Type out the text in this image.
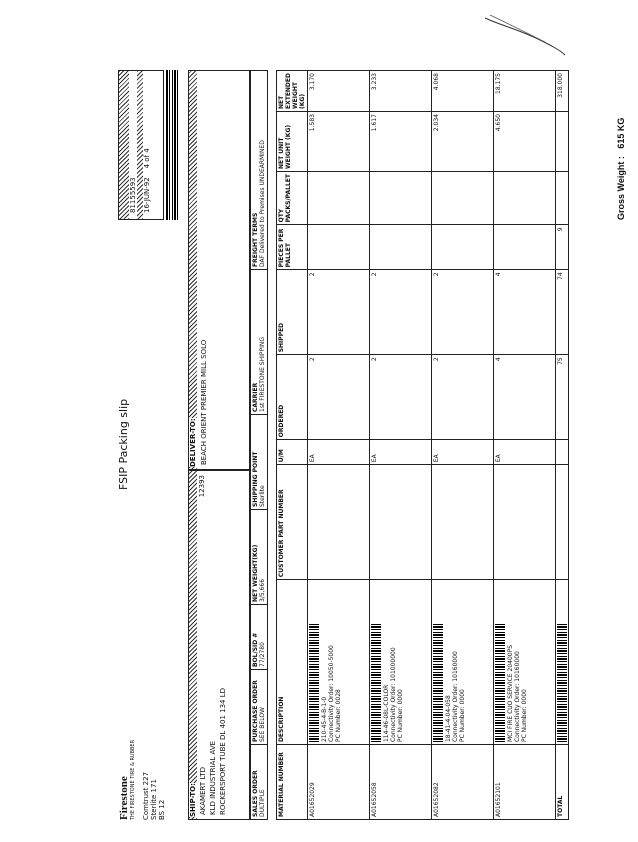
Firestone THE FIRESTONE TIRE & RUBBER Comtrust 227 Sterlite 171 BS 12
FSIP Packing slip
81155593 16-JUN-92    4 of 4
SHIP-TO:
12393
AKAMERT LTD KLD INDUSTRIAL AVE ROCKERSPORT TUBE DL 401 134 LD
DELIVER-TO: BEACH ORIENT PREMIER MILL SOLO
SALES ORDER DULTIPLE

PURCHASE ORDER SEE BELOW

BOL/SID # 77/2780

NET WEIGHT(KG) 3/5,666

SHIPPING POINT Sterlite

CARRIER 1st FIRESTONE SHIPPING

FREIGHT TERMS DAF Delivered to Premises UNDEARMINED
MATERIAL NUMBER	DESCRIPTION	CUSTOMER PART NUMBER	U/M	ORDERED	SHIPPED	PIECES PER PALLET	QTY PACKS/PALLET	NET UNIT WEIGHT (KG)	NET EXTENDED WEIGHT (KG)
A01652029	210-45-4-B-1-0 Connectivity Order: 10050-5000 PC Number: 0028		EA	2	2			1.583	3.170
A01652058	114-46-08L-COLOR Connectivity Order: 101000000 PC Number: 0000		EA	2	2			1.617	3.233
A01652082	18-41-4-04-058 Connectivity Order: 10160000 PC Number: 0000		EA	2	2			2.034	4.068
A01652101	MCI FIRE CUO SERVICE 20400PS Connectivity Order: 10160000 PC Number: 0000		EA	4	4			4.650	18.175
TOTAL				75	74	9			318.000
Gross Weight :   615 KG
